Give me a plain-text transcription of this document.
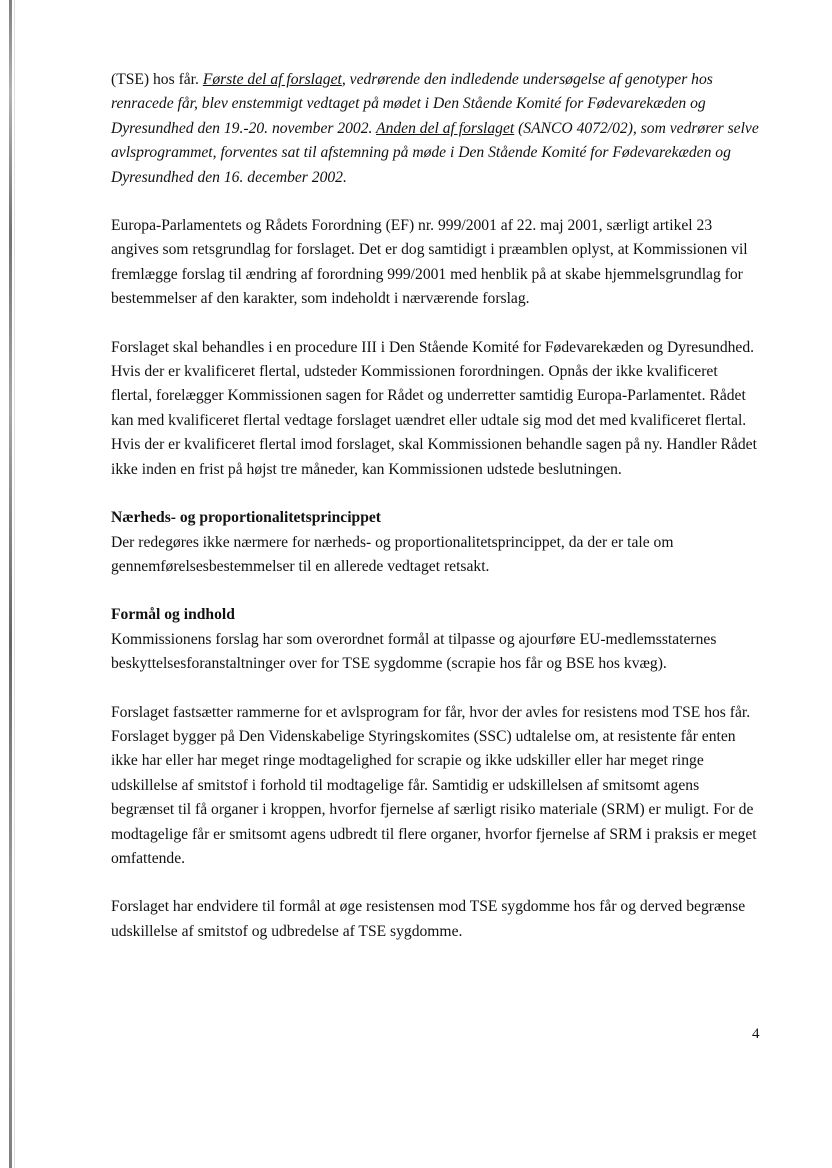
(TSE) hos får. Første del af forslaget, vedrørende den indledende undersøgelse af genotyper hos renracede får, blev enstemmigt vedtaget på mødet i Den Stående Komité for Fødevarekæden og Dyresundhed den 19.-20. november 2002. Anden del af forslaget (SANCO 4072/02), som vedrører selve avlsprogrammet, forventes sat til afstemning på møde i Den Stående Komité for Fødevarekæden og Dyresundhed den 16. december 2002.

Europa-Parlamentets og Rådets Forordning (EF) nr. 999/2001 af 22. maj 2001, særligt artikel 23 angives som retsgrundlag for forslaget. Det er dog samtidigt i præamblen oplyst, at Kommissionen vil fremlægge forslag til ændring af forordning 999/2001 med henblik på at skabe hjemmelsgrundlag for bestemmelser af den karakter, som indeholdt i nærværende forslag.

Forslaget skal behandles i en procedure III i Den Stående Komité for Fødevarekæden og Dyresundhed. Hvis der er kvalificeret flertal, udsteder Kommissionen forordningen. Opnås der ikke kvalificeret flertal, forelægger Kommissionen sagen for Rådet og underretter samtidig Europa-Parlamentet. Rådet kan med kvalificeret flertal vedtage forslaget uændret eller udtale sig mod det med kvalificeret flertal. Hvis der er kvalificeret flertal imod forslaget, skal Kommissionen behandle sagen på ny. Handler Rådet ikke inden en frist på højst tre måneder, kan Kommissionen udstede beslutningen.

Nærheds- og proportionalitetsprincippet

Der redegøres ikke nærmere for nærheds- og proportionalitetsprincippet, da der er tale om gennemførelsesbestemmelser til en allerede vedtaget retsakt.

Formål og indhold

Kommissionens forslag har som overordnet formål at tilpasse og ajourføre EU-medlemsstaternes beskyttelsesforanstaltninger over for TSE sygdomme (scrapie hos får og BSE hos kvæg).

Forslaget fastsætter rammerne for et avlsprogram for får, hvor der avles for resistens mod TSE hos får. Forslaget bygger på Den Videnskabelige Styringskomites (SSC) udtalelse om, at resistente får enten ikke har eller har meget ringe modtagelighed for scrapie og ikke udskiller eller har meget ringe udskillelse af smitstof i forhold til modtagelige får. Samtidig er udskillelsen af smitsomt agens begrænset til få organer i kroppen, hvorfor fjernelse af særligt risiko materiale (SRM) er muligt. For de modtagelige får er smitsomt agens udbredt til flere organer, hvorfor fjernelse af SRM i praksis er meget omfattende.

Forslaget har endvidere til formål at øge resistensen mod TSE sygdomme hos får og derved begrænse udskillelse af smitstof og udbredelse af TSE sygdomme.

4
